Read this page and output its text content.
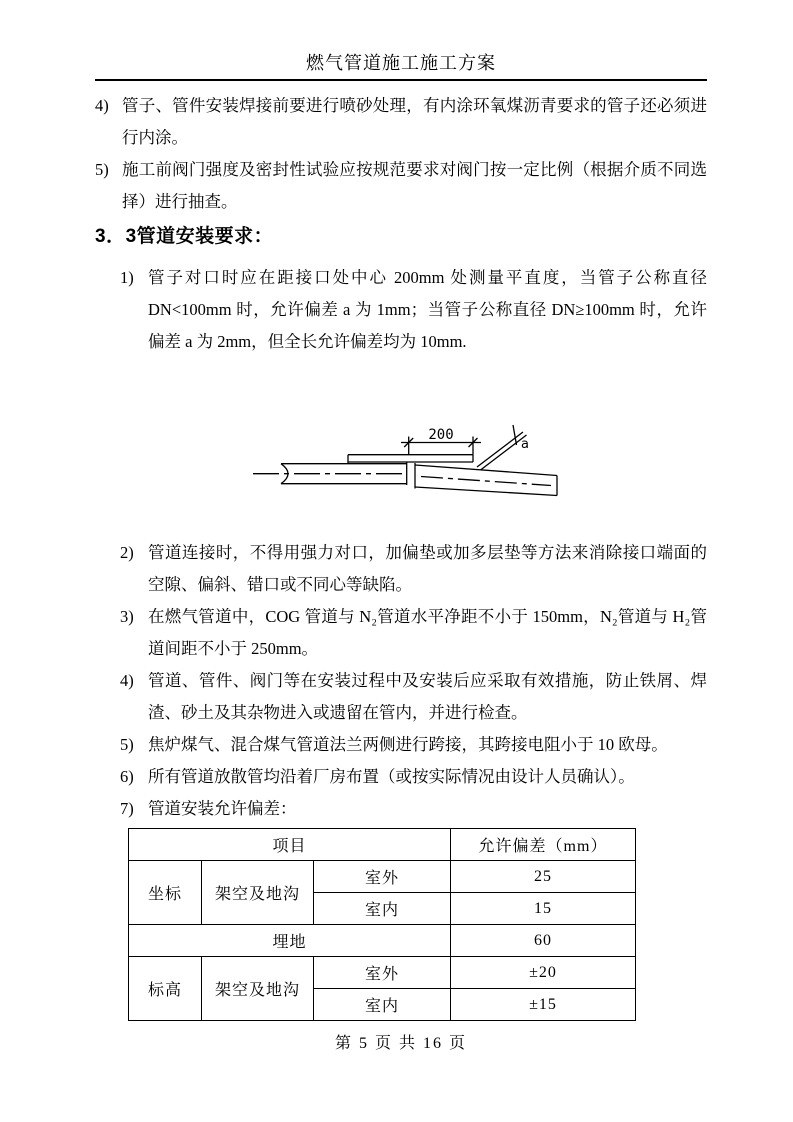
燃气管道施工施工方案
4) 管子、管件安装焊接前要进行喷砂处理，有内涂环氧煤沥青要求的管子还必须进行内涂。
5) 施工前阀门强度及密封性试验应按规范要求对阀门按一定比例（根据介质不同选择）进行抽查。
3．3管道安装要求：
1) 管子对口时应在距接口处中心 200mm 处测量平直度，当管子公称直径 DN<100mm 时，允许偏差 a 为 1mm；当管子公称直径 DN≥100mm 时，允许偏差 a 为 2mm，但全长允许偏差均为 10mm.
200
a
2) 管道连接时，不得用强力对口，加偏垫或加多层垫等方法来消除接口端面的空隙、偏斜、错口或不同心等缺陷。
3) 在燃气管道中，COG 管道与 N₂管道水平净距不小于 150mm，N₂管道与 H₂管道间距不小于 250mm。
4) 管道、管件、阀门等在安装过程中及安装后应采取有效措施，防止铁屑、焊渣、砂土及其杂物进入或遗留在管内，并进行检查。
5) 焦炉煤气、混合煤气管道法兰两侧进行跨接，其跨接电阻小于 10 欧母。
6) 所有管道放散管均沿着厂房布置（或按实际情况由设计人员确认）。
7) 管道安装允许偏差：
项目			允许偏差（mm）
坐标	架空及地沟	室外	25
		室内	15
埋地			60
标高	架空及地沟	室外	±20
		室内	±15
第 5 页 共 16 页
